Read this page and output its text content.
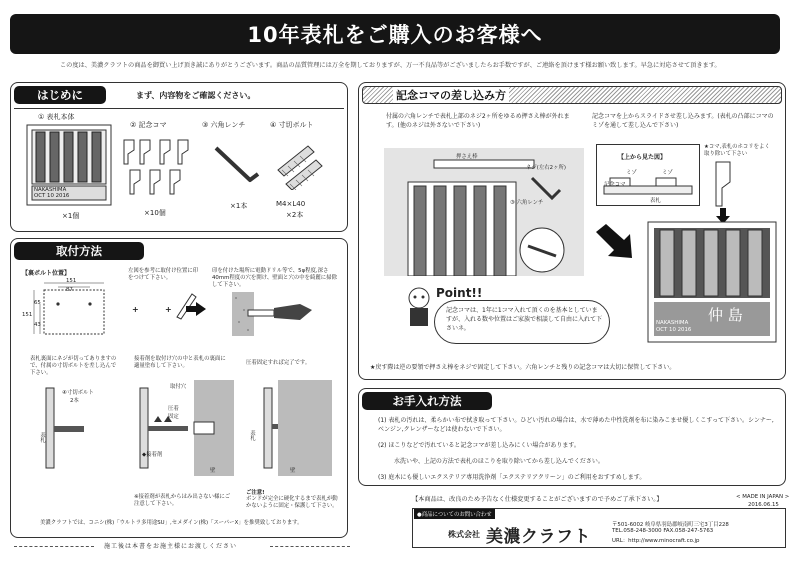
10年表札をご購入のお客様へ
この度は、美濃クラフトの商品を御買い上げ頂き誠にありがとうございます。商品の品質管理には万全を期しておりますが、万一不良品等がございましたらお手数ですが、ご連絡を頂けます様お願い致します。早急に対応させて頂きます。
はじめに	まず、内容物をご確認ください。
① 表札本体
NAKASHIMA
OCT 10 2016
×1個
② 記念コマ
×10個
③ 六角レンチ
×1本
④ 寸切ボルト
M4×L40
×2本
取付方法
【裏ボルト位置】
151
87
151
65
43
左図を参考に取付け位置に印をつけて下さい。
+	+
印を付けた場所に電動ドリル等で、5φ程度,深さ40mm程度の穴を開け、壁面と穴の中を綺麗に掃除して下さい。
表札裏面にネジが切ってありますので、付属の寸切ボルトを差し込んで下さい。
④寸切ボルト
2本
表札
接着剤を取付け穴の中と表札の裏面に適量塗布して下さい。
取付穴
圧着
固定
◆接着剤
壁
圧着固定すれば完了です。
表札
壁
※接着剤が表札からはみ出さない様にご注意して下さい。
ご注意!
ボンドが完全に硬化するまで表札が動かないように固定・保護して下さい。
美濃クラフトでは、コニシ(株)「ウルトラ多用途SU」,セメダイン(株)「スーパーX」を推奨致しております。
施工後は本書をお施主様にお渡しください
記念コマの差し込み方
付属の六角レンチで表札上部のネジ2ヶ所をゆるめ押さえ棒が外れます。(他のネジは外さないで下さい)
押さえ棒
ネジ(左右2ヶ所)
③ 六角レンチ
記念コマを上からスライドさせ差し込みます。(表札の凸部にコマのミゾを通して差し込んで下さい)
【上から見た図】
記念コマ
ミゾ	ミゾ
表札
★コマ,表札のホコリをよく取り除いて下さい
仲 島
NAKASHIMA
OCT 10 2016
Point!!
記念コマは、1年に1コマ入れて頂くのを基本としていますが、入れる数や位置はご家族で相談して自由に入れて下さいネ。
★戻す際は逆の要領で押さえ棒をネジで固定して下さい。六角レンチと残りの記念コマは大切に保管して下さい。
お手入れ方法
(1) 表札の汚れは、柔らかい布で拭き取って下さい。ひどい汚れの場合は、水で薄めた中性洗剤を布に染みこませ優しくこすって下さい。シンナー,ベンジン,クレンザーなどは使わないで下さい。
(2) ほこりなどで汚れていると記念コマが差し込みにくい場合があります。
水洗いや、上記の方法で表札のほこりを取り除いてから差し込んでください。
(3) 庭木にも優しいエクステリア専用洗浄剤「エクステリアクリーン」のご利用をおすすめします。
【本商品は、改良のため予告なく仕様変更することがございますので予めご了承下さい。】	< MADE IN JAPAN >
2016.06.15
●商品についてのお問い合わせ
株式会社 美濃クラフト
〒501-6002 岐阜県羽島郡岐南町三宅3丁目228
TEL.058-248-3000 FAX.058-247-5763
URL：http://www.minocraft.co.jp
